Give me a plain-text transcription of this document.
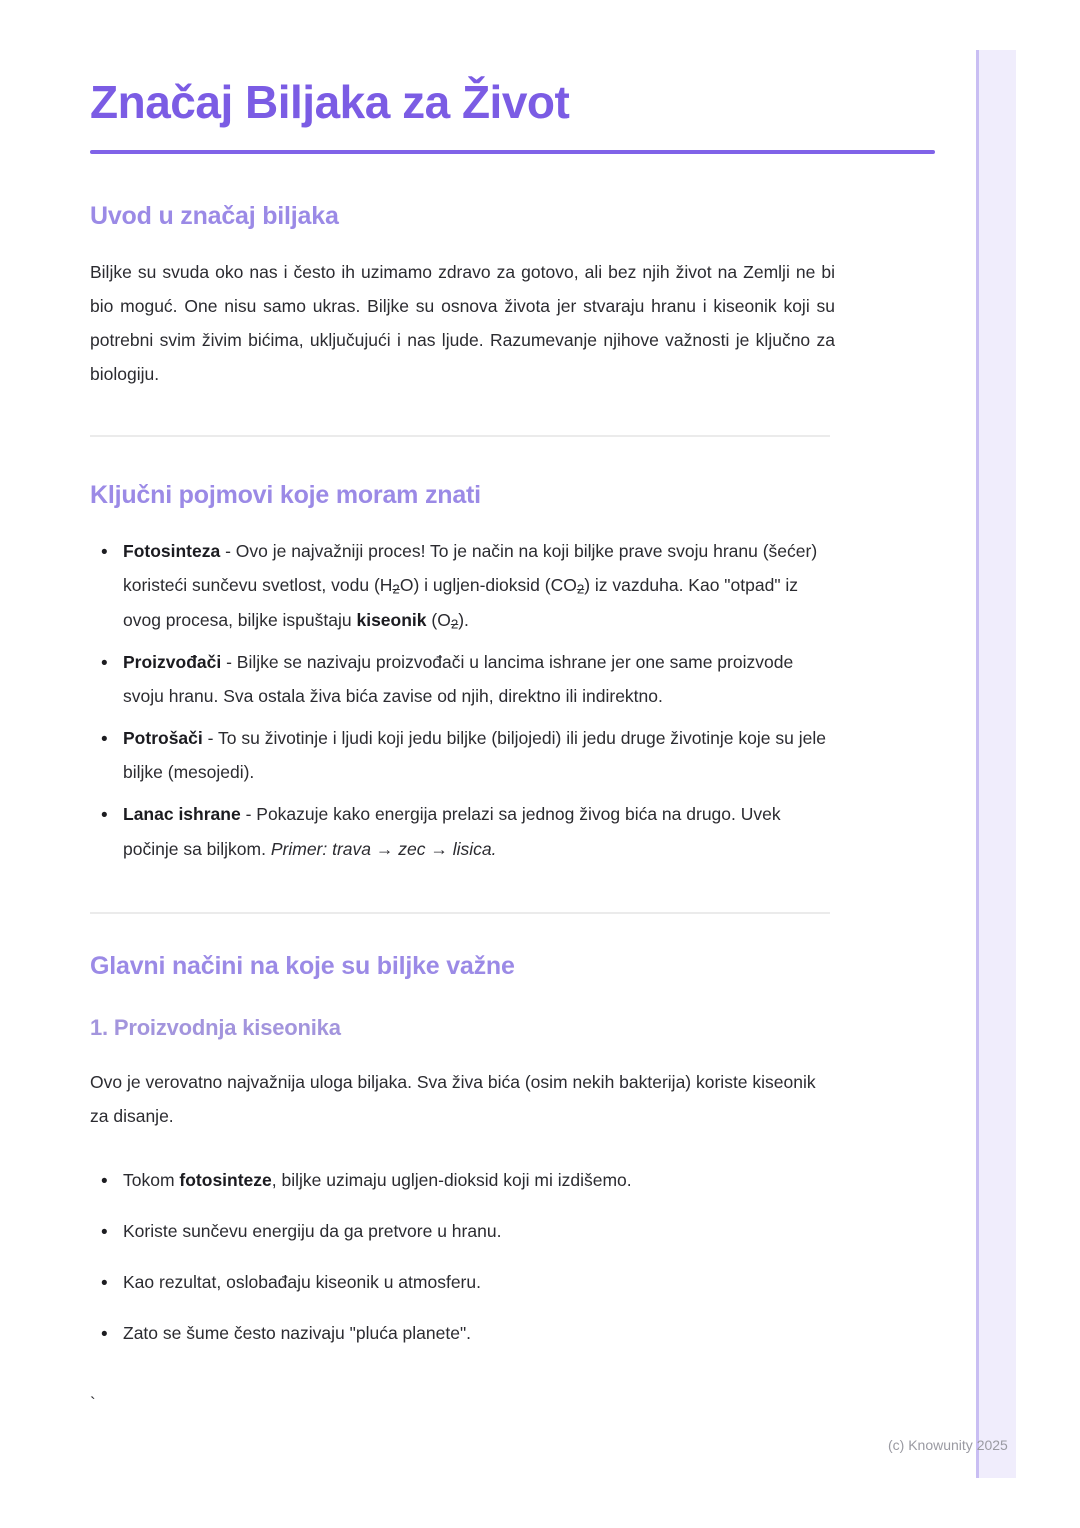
Značaj Biljaka za Život
Uvod u značaj biljaka

Biljke su svuda oko nas i često ih uzimamo zdravo za gotovo, ali bez njih život na Zemlji ne bi bio moguć. One nisu samo ukras. Biljke su osnova života jer stvaraju hranu i kiseonik koji su potrebni svim živim bićima, uključujući i nas ljude. Razumevanje njihove važnosti je ključno za biologiju.

Ključni pojmovi koje moram znati
• Fotosinteza - Ovo je najvažniji proces! To je način na koji biljke prave svoju hranu (šećer) koristeći sunčevu svetlost, vodu $(H_2O)$ i ugljen-dioksid $(CO_2)$ iz vazduha. Kao "otpad" iz ovog procesa, biljke ispuštaju kiseonik $(O_2)$.
• Proizvođači - Biljke se nazivaju proizvođači u lancima ishrane jer one same proizvode svoju hranu. Sva ostala živa bića zavise od njih, direktno ili indirektno.
• Potrošači - To su životinje i ljudi koji jedu biljke (biljojedi) ili jedu druge životinje koje su jele biljke (mesojedi).
• Lanac ishrane - Pokazuje kako energija prelazi sa jednog živog bića na drugo. Uvek počinje sa biljkom. Primer: trava → zec → lisica.
Glavni načini na koje su biljke važne
1. Proizvodnja kiseonika

Ovo je verovatno najvažnija uloga biljaka. Sva živa bića (osim nekih bakterija) koriste kiseonik za disanje.

• Tokom fotosinteze, biljke uzimaju ugljen-dioksid koji mi izdišemo.
• Koriste sunčevu energiju da ga pretvore u hranu.
• Kao rezultat, oslobađaju kiseonik u atmosferu.
• Zato se šume često nazivaju "pluća planete".
`
(c) Knowunity 2025
